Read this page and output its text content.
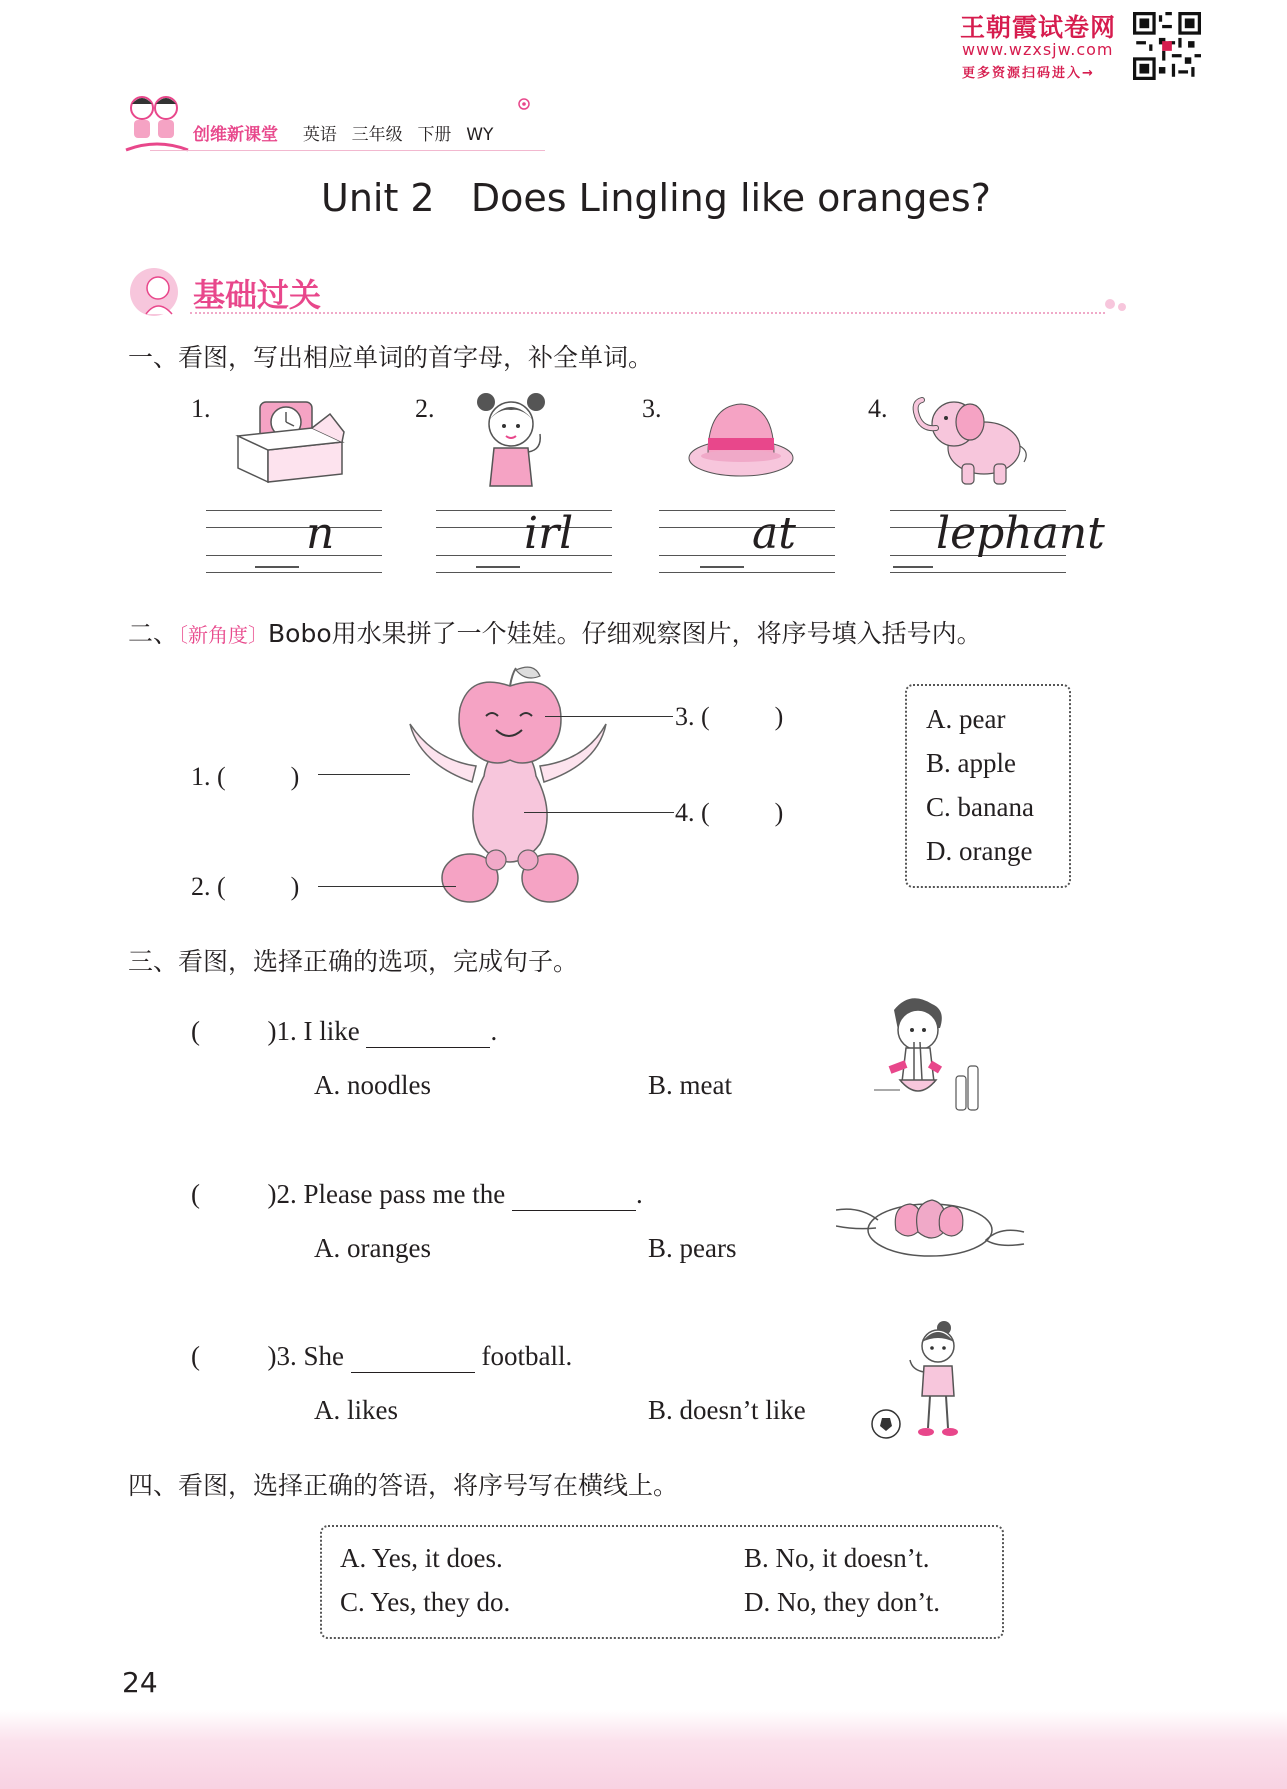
王朝霞试卷网
www.wzxsjw.com
更多资源扫码进入→
创维新课堂 英语 三年级 下册 WY
Unit 2   Does Lingling like oranges?
基础过关
一、看图，写出相应单词的首字母，补全单词。
1.	2.	3.	4.
n	irl	at	lephant
二、〔新角度〕Bobo用水果拼了一个娃娃。仔细观察图片，将序号填入括号内。
1. (          )
2. (          )
3. (          )
4. (          )
A. pear
B. apple
C. banana
D. orange
三、看图，选择正确的选项，完成句子。
(          )1. I like	.
A. noodles	B. meat
(          )2. Please pass me the	.
A. oranges	B. pears
(          )3. She	football.
A. likes	B. doesn’t like
四、看图，选择正确的答语，将序号写在横线上。
A. Yes, it does.	B. No, it doesn’t.
C. Yes, they do.	D. No, they don’t.
24
